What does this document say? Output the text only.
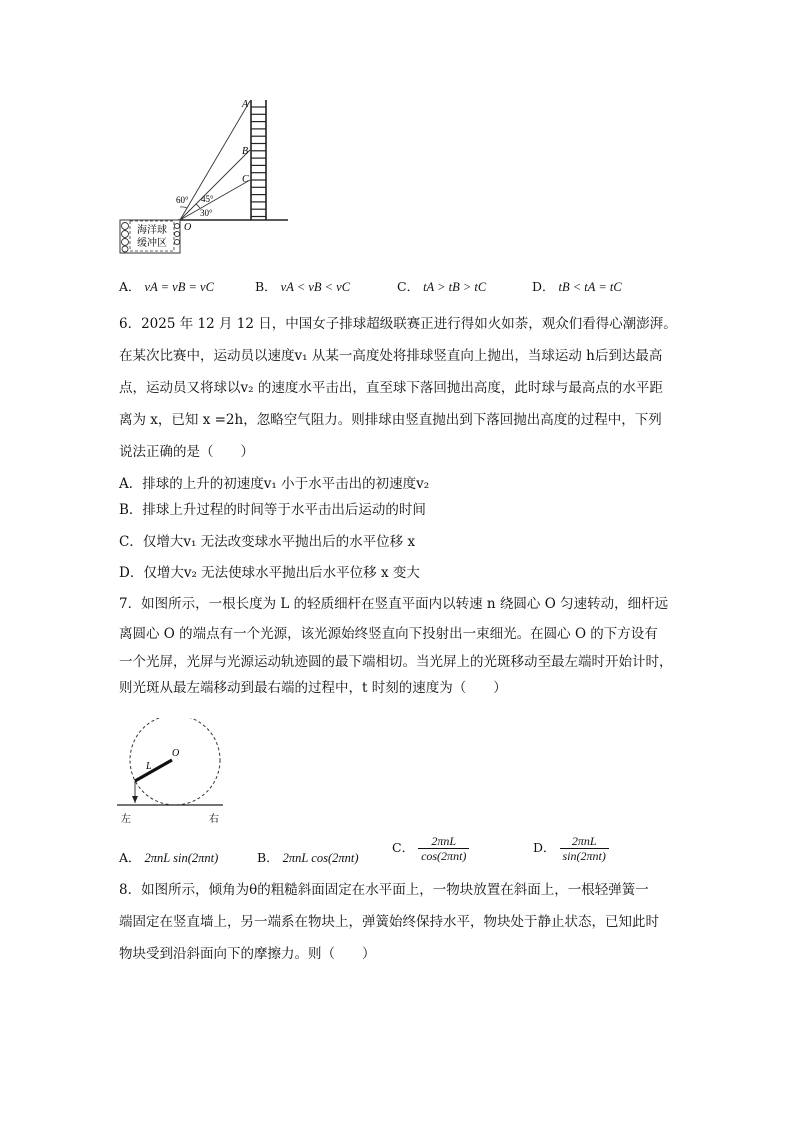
海洋球
缓冲区
A
B
C
O
60° 45°
30°
A． vA = vB = vC	B． vA < vB < vC	C． tA > tB > tC	D． tB < tA = tC
6．2025 年 12 月 12 日，中国女子排球超级联赛正进行得如火如荼，观众们看得心潮澎湃。
在某次比赛中，运动员以速度v₁ 从某一高度处将排球竖直向上抛出，当球运动 h后到达最高
点，运动员又将球以v₂ 的速度水平击出，直至球下落回抛出高度，此时球与最高点的水平距
离为 x，已知 x =2h，忽略空气阻力。则排球由竖直抛出到下落回抛出高度的过程中，下列
说法正确的是（　　）
A．排球的上升的初速度v₁ 小于水平击出的初速度v₂
B．排球上升过程的时间等于水平击出后运动的时间
C．仅增大v₁ 无法改变球水平抛出后的水平位移 x
D．仅增大v₂ 无法使球水平抛出后水平位移 x 变大
7．如图所示，一根长度为 L 的轻质细杆在竖直平面内以转速 n 绕圆心 O 匀速转动，细杆远
离圆心 O 的端点有一个光源，该光源始终竖直向下投射出一束细光。在圆心 O 的下方设有
一个光屏，光屏与光源运动轨迹圆的最下端相切。当光屏上的光斑移动至最左端时开始计时，
则光斑从最左端移动到最右端的过程中，t 时刻的速度为（　　）
O
L
左	右
A． 2πnL sin(2πnt)	B． 2πnL cos(2πnt)
C． $\frac{\text{2πnL}}{\text{cos(2πnt)}}$	D． $\frac{\text{2πnL}}{\text{sin(2πnt)}}$
8．如图所示，倾角为θ的粗糙斜面固定在水平面上，一物块放置在斜面上，一根轻弹簧一
端固定在竖直墙上，另一端系在物块上，弹簧始终保持水平，物块处于静止状态，已知此时
物块受到沿斜面向下的摩擦力。则（　　）
